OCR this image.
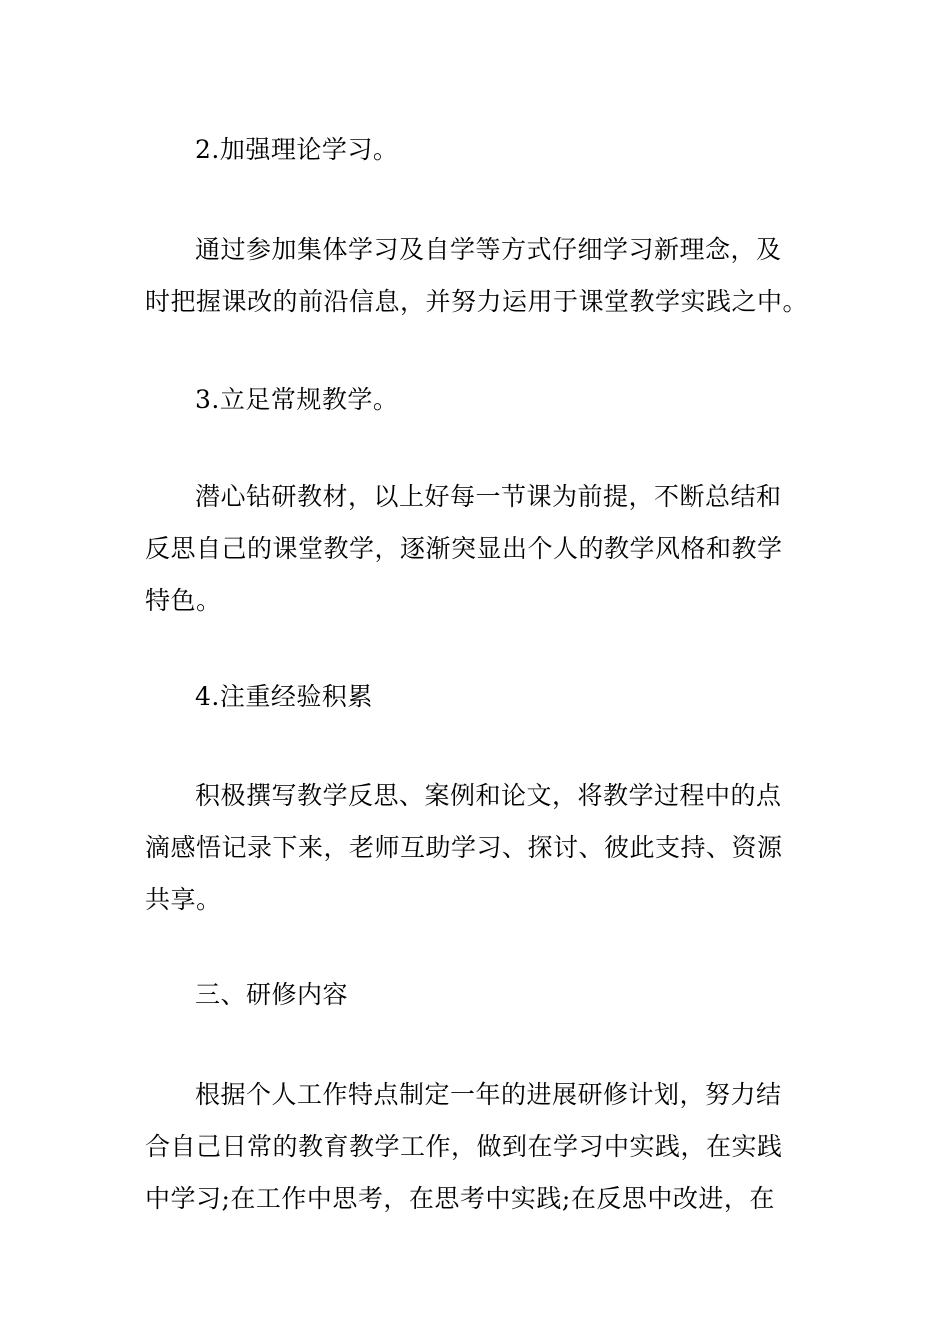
2.加强理论学习。
通过参加集体学习及自学等方式仔细学习新理念，及
时把握课改的前沿信息，并努力运用于课堂教学实践之中。
3.立足常规教学。
潜心钻研教材，以上好每一节课为前提，不断总结和
反思自己的课堂教学，逐渐突显出个人的教学风格和教学
特色。
4.注重经验积累
积极撰写教学反思、案例和论文，将教学过程中的点
滴感悟记录下来，老师互助学习、探讨、彼此支持、资源
共享。
三、研修内容
根据个人工作特点制定一年的进展研修计划，努力结
合自己日常的教育教学工作，做到在学习中实践，在实践
中学习;在工作中思考，在思考中实践;在反思中改进，在
